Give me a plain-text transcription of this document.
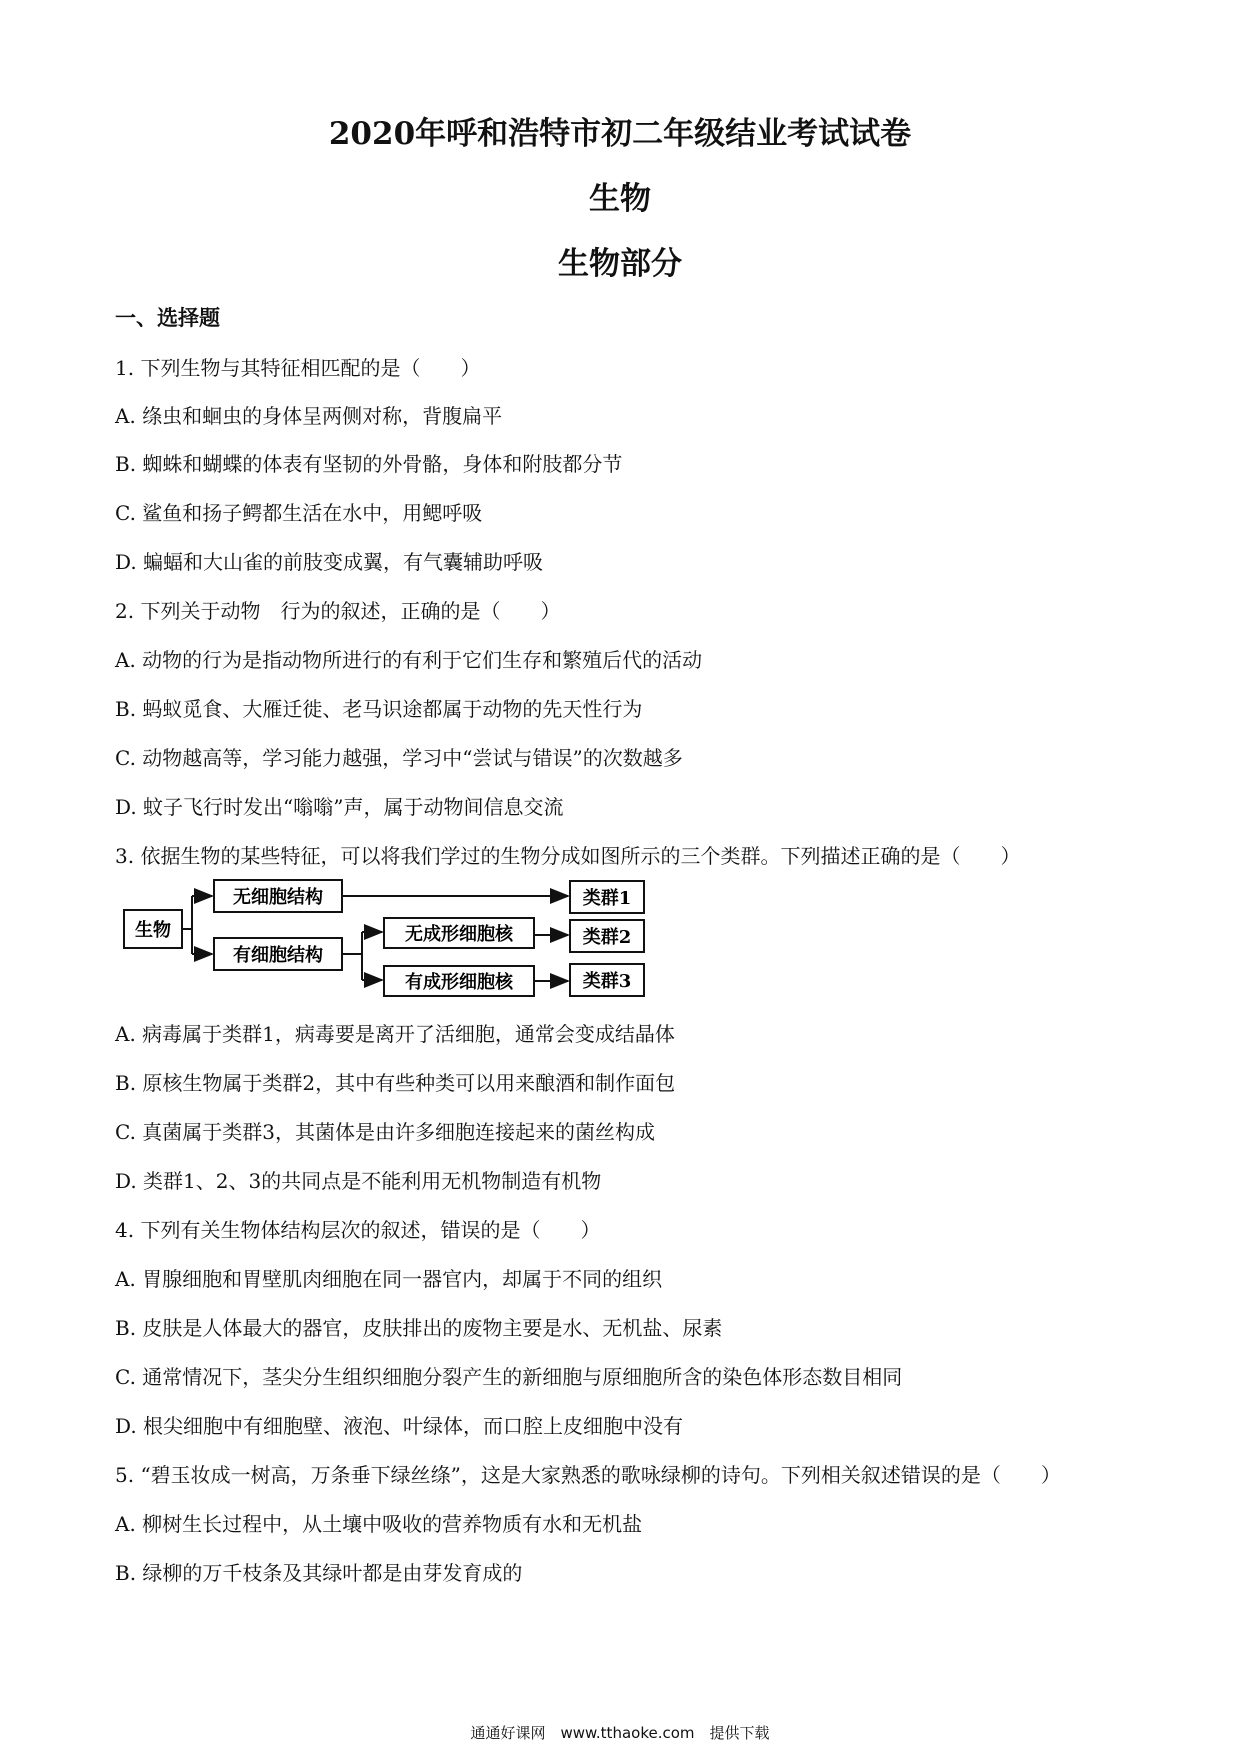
2020年呼和浩特市初二年级结业考试试卷
生物
生物部分
一、选择题
1. 下列生物与其特征相匹配的是（　　）
A. 绦虫和蛔虫的身体呈两侧对称，背腹扁平
B. 蜘蛛和蝴蝶的体表有坚韧的外骨骼，身体和附肢都分节
C. 鲨鱼和扬子鳄都生活在水中，用鳃呼吸
D. 蝙蝠和大山雀的前肢变成翼，有气囊辅助呼吸
2. 下列关于动物　行为的叙述，正确的是（　　）
A. 动物的行为是指动物所进行的有利于它们生存和繁殖后代的活动
B. 蚂蚁觅食、大雁迁徙、老马识途都属于动物的先天性行为
C. 动物越高等，学习能力越强，学习中“尝试与错误”的次数越多
D. 蚊子飞行时发出“嗡嗡”声，属于动物间信息交流
3. 依据生物的某些特征，可以将我们学过的生物分成如图所示的三个类群。下列描述正确的是（　　）
生物
无细胞结构
有细胞结构
无成形细胞核
有成形细胞核
类群1
类群2
类群3
A. 病毒属于类群1，病毒要是离开了活细胞，通常会变成结晶体
B. 原核生物属于类群2，其中有些种类可以用来酿酒和制作面包
C. 真菌属于类群3，其菌体是由许多细胞连接起来的菌丝构成
D. 类群1、2、3的共同点是不能利用无机物制造有机物
4. 下列有关生物体结构层次的叙述，错误的是（　　）
A. 胃腺细胞和胃壁肌肉细胞在同一器官内，却属于不同的组织
B. 皮肤是人体最大的器官，皮肤排出的废物主要是水、无机盐、尿素
C. 通常情况下，茎尖分生组织细胞分裂产生的新细胞与原细胞所含的染色体形态数目相同
D. 根尖细胞中有细胞壁、液泡、叶绿体，而口腔上皮细胞中没有
5. “碧玉妆成一树高，万条垂下绿丝绦”，这是大家熟悉的歌咏绿柳的诗句。下列相关叙述错误的是（　　）
A. 柳树生长过程中，从土壤中吸收的营养物质有水和无机盐
B. 绿柳的万千枝条及其绿叶都是由芽发育成的
通通好课网　www.tthaoke.com　提供下载
